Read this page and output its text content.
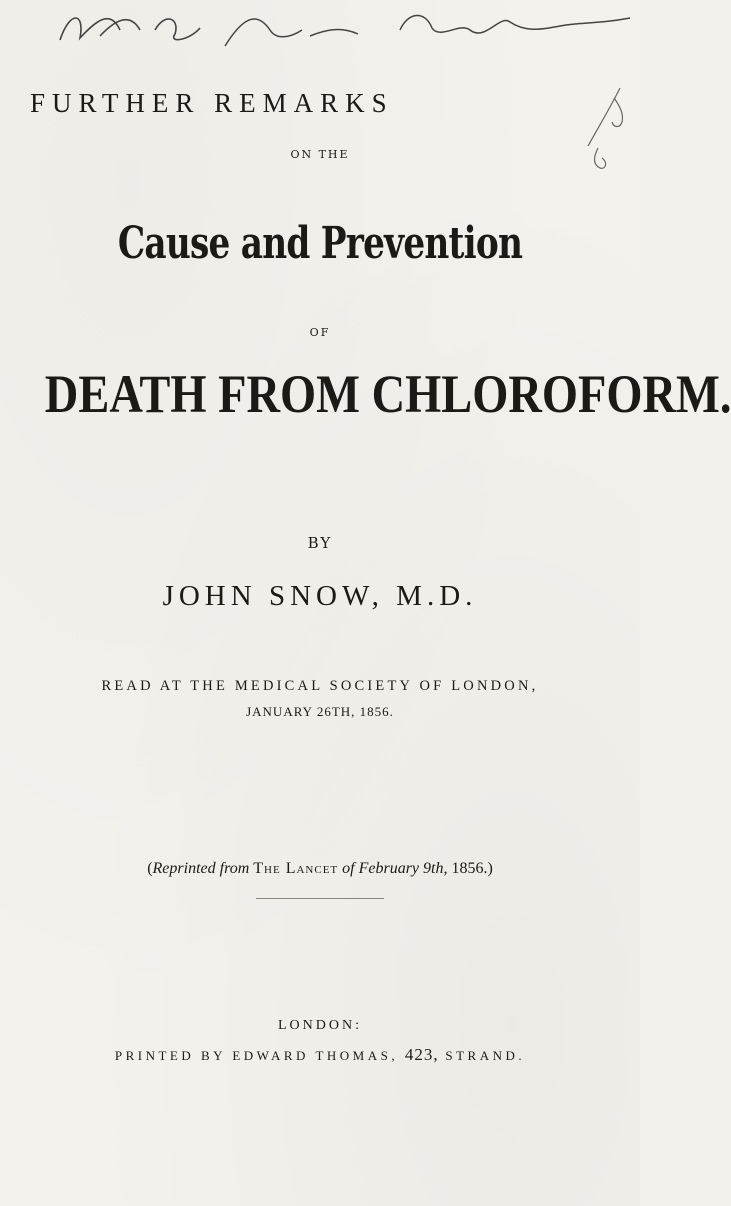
FURTHER REMARKS
ON THE
Cause and Prevention
OF
DEATH FROM CHLOROFORM.
BY
JOHN SNOW, M.D.
READ AT THE MEDICAL SOCIETY OF LONDON,
JANUARY 26TH, 1856.
(Reprinted from The Lancet of February 9th, 1856.)
LONDON:
PRINTED BY EDWARD THOMAS, 423, STRAND.
